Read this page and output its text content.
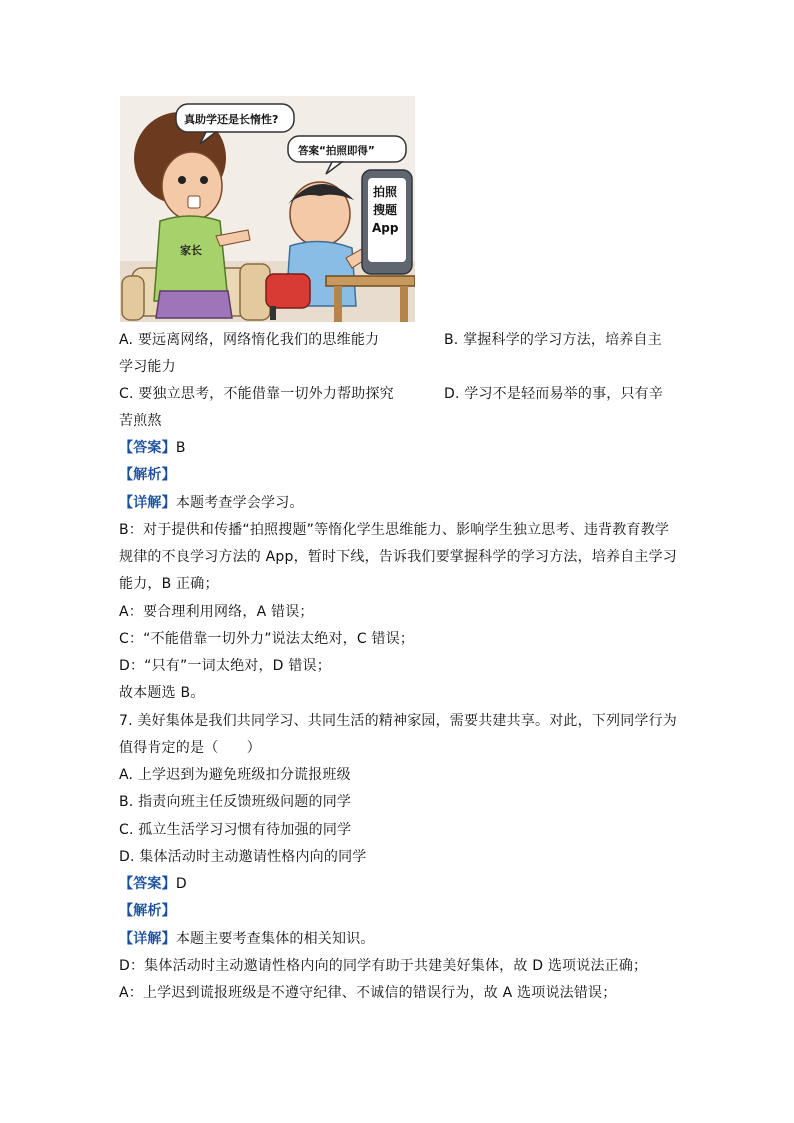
家长
真助学还是长惰性?
答案“拍照即得”
拍照
搜题
App
A. 要远离网络，网络惰化我们的思维能力	B. 掌握科学的学习方法，培养自主
学习能力
C. 要独立思考，不能借靠一切外力帮助探究	D. 学习不是轻而易举的事，只有辛
苦煎熬
【答案】B
【解析】
【详解】本题考查学会学习。
B：对于提供和传播“拍照搜题”等惰化学生思维能力、影响学生独立思考、违背教育教学
规律的不良学习方法的 App，暂时下线，告诉我们要掌握科学的学习方法，培养自主学习
能力，B 正确；
A：要合理利用网络，A 错误；
C：“不能借靠一切外力”说法太绝对，C 错误；
D：“只有”一词太绝对，D 错误；
故本题选 B。
7. 美好集体是我们共同学习、共同生活的精神家园，需要共建共享。对此，下列同学行为
值得肯定的是（　　）
A. 上学迟到为避免班级扣分谎报班级
B. 指责向班主任反馈班级问题的同学
C. 孤立生活学习习惯有待加强的同学
D. 集体活动时主动邀请性格内向的同学
【答案】D
【解析】
【详解】本题主要考查集体的相关知识。
D：集体活动时主动邀请性格内向的同学有助于共建美好集体，故 D 选项说法正确；
A：上学迟到谎报班级是不遵守纪律、不诚信的错误行为，故 A 选项说法错误；
